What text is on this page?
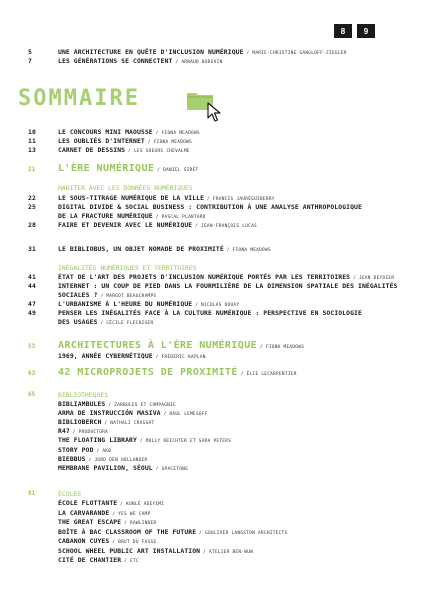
8	9
5	UNE ARCHITECTURE EN QUÊTE D'INCLUSION NUMÉRIQUE / MARIE-CHRISTINE GANGLOFF-ZIEGLER
7	LES GÉNÉRATIONS SE CONNECTENT / ARNAUD BODEVIN
10	LE CONCOURS MINI MAOUSSE / FIONA MEADOWS
11	LES OUBLIÉS D'INTERNET / FIONA MEADOWS
13	CARNET DE DESSINS / LES SOEURS CHEVALME
21 L'ÈRE NUMÉRIQUE / DANIEL SIRET
HABITER AVEC LES DONNÉES NUMÉRIQUES
22	LE SOUS-TITRAGE NUMÉRIQUE DE LA VILLE / FRANCIS JAURÉGUIBERRY
25	DIGITAL DIVIDE & SOCIAL BUSINESS : CONTRIBUTION À UNE ANALYSE ANTHROPOLOGIQUE
DE LA FRACTURE NUMÉRIQUE / PASCAL PLANTARD
28	FAIRE ET DEVENIR AVEC LE NUMÉRIQUE / JEAN-FRANÇOIS LUCAS
31	LE BIBLIOBUS, UN OBJET NOMADE DE PROXIMITÉ / FIONA MEADOWS
INÉGALITÉS NUMÉRIQUES ET TERRITOIRES
41	ÉTAT DE L'ART DES PROJETS D'INCLUSION NUMÉRIQUE PORTÉS PAR LES TERRITOIRES / JEAN DEYDIER
44	INTERNET : UN COUP DE PIED DANS LA FOURMILIÈRE DE LA DIMENSION SPATIALE DES INÉGALITÉS
SOCIALES ? / MARGOT BEAUCHAMPS
47	L'URBANISME À L'HEURE DU NUMÉRIQUE / NICOLAS DOUAY
49	PENSER LES INÉGALITÉS FACE À LA CULTURE NUMÉRIQUE : PERSPECTIVE EN SOCIOLOGIE
DES USAGES / CÉCILE FLECKIGER
53 ARCHITECTURES À L'ÈRE NUMÉRIQUE / FIONA MEADOWS
1969, ANNÉE CYBERNÉTIQUE / FRÉDÉRIC KAPLAN
63 42 MICROPROJETS DE PROXIMITÉ / ÉLIE LECARPENTIER
65	BIBLIOTHÈQUES
BIBLIAMBULES / ZARBULES ET COMPAGNIE
ARMA DE INSTRUCCIÓN MASIVA / RAUL LEMESOFF
BIBLIOBERCH / NATHALI CRASSAT
R47 / PRODUCTORA
THE FLOATING LIBRARY / MOLLY REICHTER ET SARA PETERS
STORY POD / AKB
BIEBBUS / JORD DEN HOLLANDER
MEMBRANE PAVILION, SÉOUL / SPACETONG
81	ÉCOLES
ÉCOLE FLOTTANTE / KUNLÉ ADEYEMI
LA CARVARANDE / YES WE CAMP
THE GREAT ESCAPE / RAWLINDER
BOÎTE À BAC CLASSROOM OF THE FUTURE / GOULIVER LANGSTON ARCHITECTS
CABANON CUYES / BRUT DU FASSE
SCHOOL WHEEL PUBLIC ART INSTALLATION / ATELIER BEN-WUW
CITÉ DE CHANTIER / ETC
SOMMAIRE
